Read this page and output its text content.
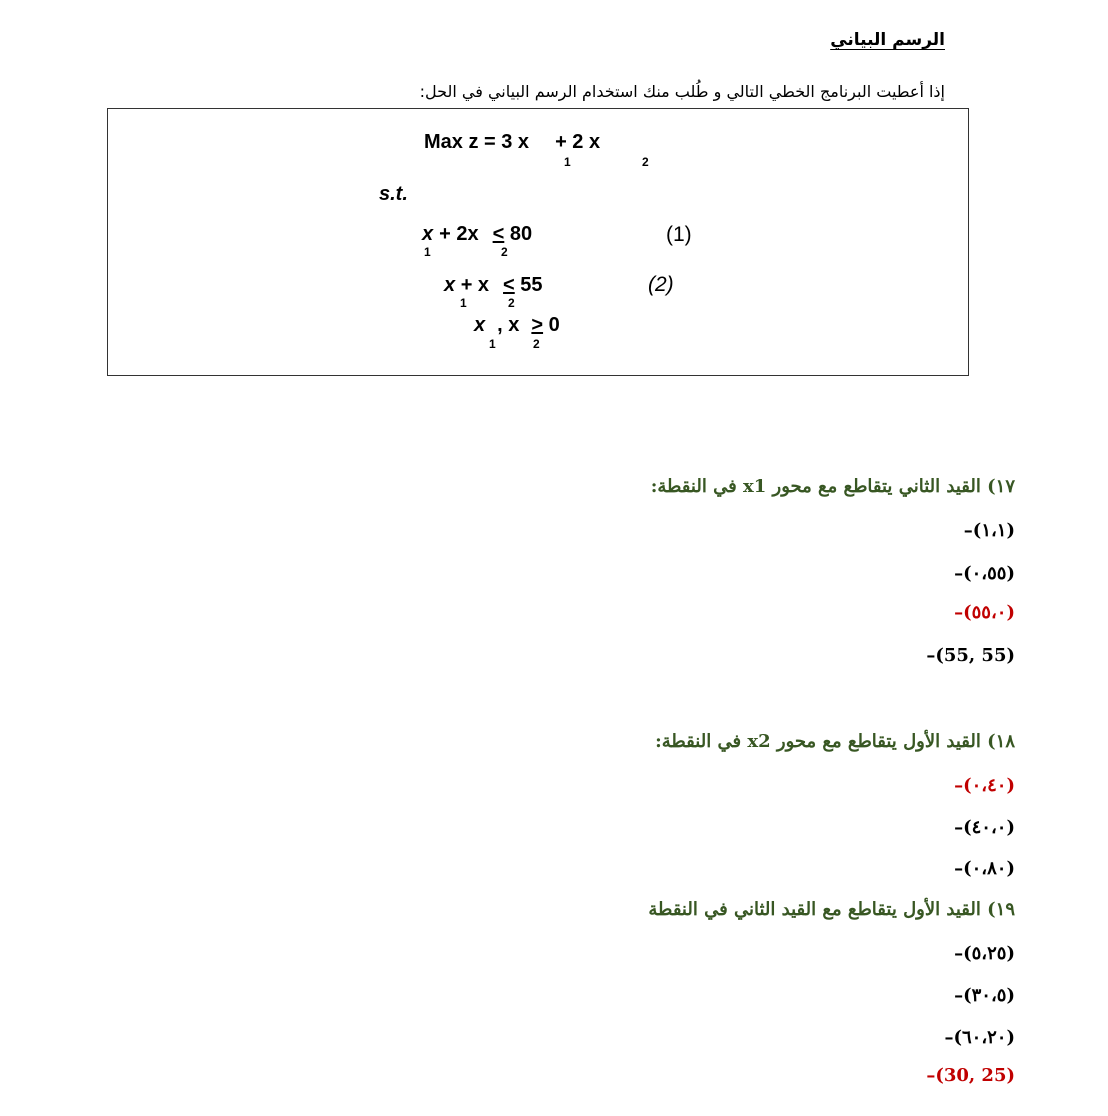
الرسم البياني
إذا أعطيت البرنامج الخطي التالي و طُلب منك استخدام الرسم البياني في الحل:
Max z = 3 x + 2 x
1	2
s.t.
x + 2x < 80
1	2
(1)
x + x < 55
1	2
(2)
x , x > 0
1	2
١٧) القيد الثاني يتقاطع مع محور x1 في النقطة:
–(١،١)
–(٠،٥٥)
–(٥٥،٠)
–(55, 55)
١٨) القيد الأول يتقاطع مع محور x2 في النقطة:
–(٠،٤٠)
–(٤٠،٠)
–(٠،٨٠)
١٩) القيد الأول يتقاطع مع القيد الثاني في النقطة
–(٥،٢٥)
–(٣٠،٥)
–(٦٠،٢٠)
–(30, 25)
